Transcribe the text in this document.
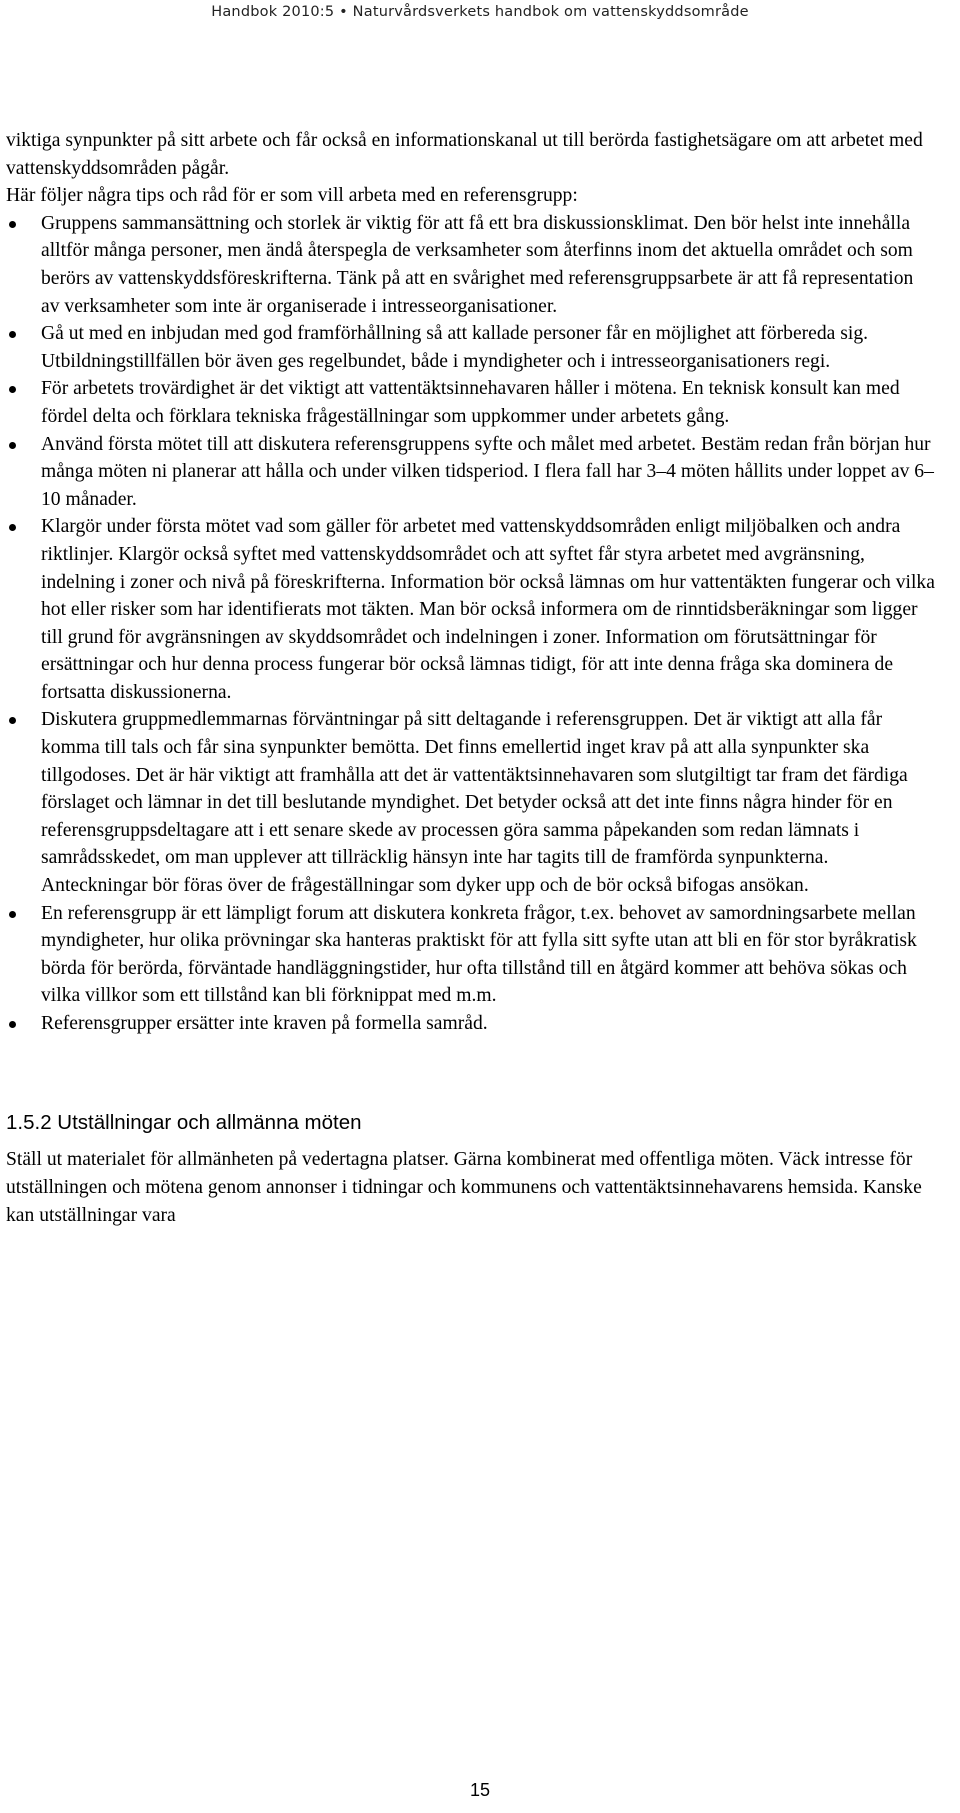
Handbok 2010:5 • Naturvårdsverkets handbok om vattenskyddsområde

viktiga synpunkter på sitt arbete och får också en informationskanal ut till berörda fastighetsägare om att arbetet med vattenskyddsområden pågår.

Här följer några tips och råd för er som vill arbeta med en referensgrupp:

Gruppens sammansättning och storlek är viktig för att få ett bra diskussionsklimat. Den bör helst inte innehålla alltför många personer, men ändå återspegla de verksamheter som återfinns inom det aktuella området och som berörs av vattenskyddsföreskrifterna. Tänk på att en svårighet med referensgruppsarbete är att få representation av verksamheter som inte är organiserade i intresseorganisationer.
Gå ut med en inbjudan med god framförhållning så att kallade personer får en möjlighet att förbereda sig. Utbildningstillfällen bör även ges regelbundet, både i myndigheter och i intresseorganisationers regi.
För arbetets trovärdighet är det viktigt att vattentäktsinnehavaren håller i mötena. En teknisk konsult kan med fördel delta och förklara tekniska frågeställningar som uppkommer under arbetets gång.
Använd första mötet till att diskutera referensgruppens syfte och målet med arbetet. Bestäm redan från början hur många möten ni planerar att hålla och under vilken tidsperiod. I flera fall har 3–4 möten hållits under loppet av 6–10 månader.
Klargör under första mötet vad som gäller för arbetet med vattenskyddsområden enligt miljöbalken och andra riktlinjer. Klargör också syftet med vattenskyddsområdet och att syftet får styra arbetet med avgränsning, indelning i zoner och nivå på föreskrifterna. Information bör också lämnas om hur vattentäkten fungerar och vilka hot eller risker som har identifierats mot täkten. Man bör också informera om de rinntidsberäkningar som ligger till grund för avgränsningen av skyddsområdet och indelningen i zoner. Information om förutsättningar för ersättningar och hur denna process fungerar bör också lämnas tidigt, för att inte denna fråga ska dominera de fortsatta diskussionerna.
Diskutera gruppmedlemmarnas förväntningar på sitt deltagande i referensgruppen. Det är viktigt att alla får komma till tals och får sina synpunkter bemötta. Det finns emellertid inget krav på att alla synpunkter ska tillgodoses. Det är här viktigt att framhålla att det är vattentäktsinnehavaren som slutgiltigt tar fram det färdiga förslaget och lämnar in det till beslutande myndighet. Det betyder också att det inte finns några hinder för en referensgruppsdeltagare att i ett senare skede av processen göra samma påpekanden som redan lämnats i samrådsskedet, om man upplever att tillräcklig hänsyn inte har tagits till de framförda synpunkterna. Anteckningar bör föras över de frågeställningar som dyker upp och de bör också bifogas ansökan.
En referensgrupp är ett lämpligt forum att diskutera konkreta frågor, t.ex. behovet av samordningsarbete mellan myndigheter, hur olika prövningar ska hanteras praktiskt för att fylla sitt syfte utan att bli en för stor byråkratisk börda för berörda, förväntade handläggningstider, hur ofta tillstånd till en åtgärd kommer att behöva sökas och vilka villkor som ett tillstånd kan bli förknippat med m.m.
Referensgrupper ersätter inte kraven på formella samråd.

1.5.2 Utställningar och allmänna möten

Ställ ut materialet för allmänheten på vedertagna platser. Gärna kombinerat med offentliga möten. Väck intresse för utställningen och mötena genom annonser i tidningar och kommunens och vattentäktsinnehavarens hemsida. Kanske kan utställningar vara

15
